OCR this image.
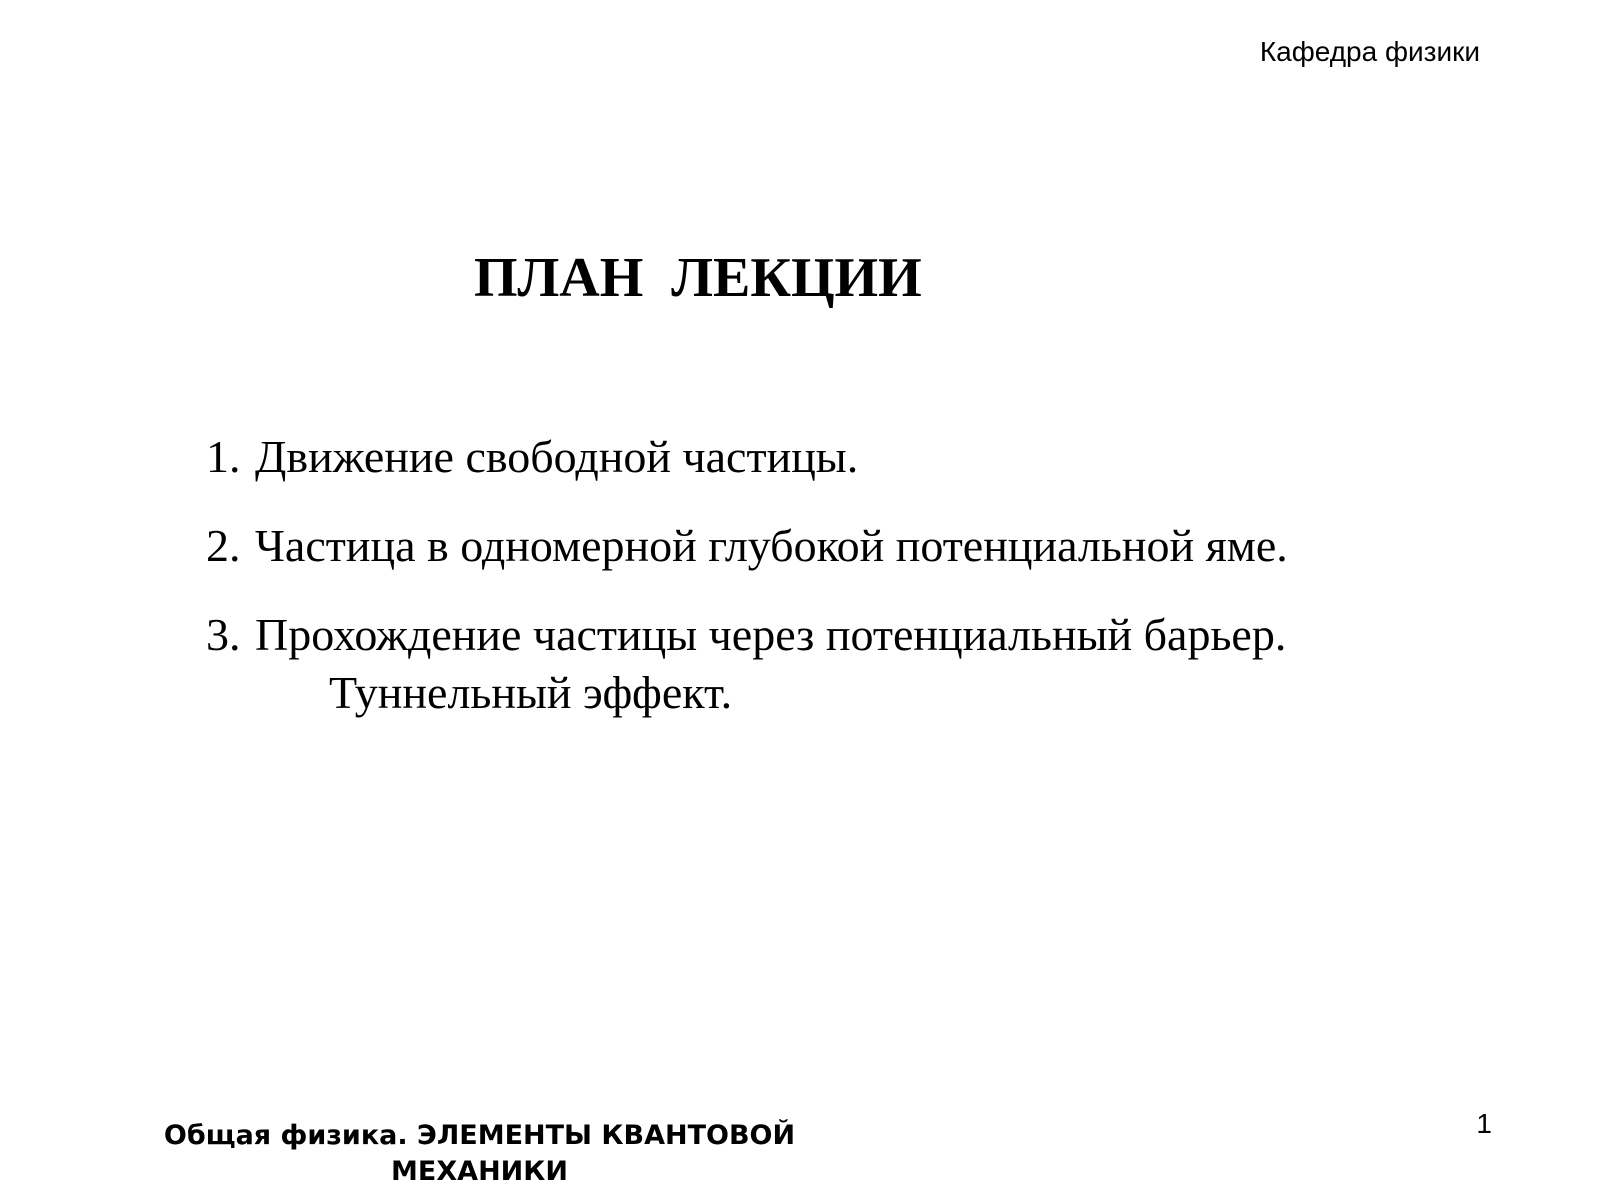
Кафедра физики
ПЛАН  ЛЕКЦИИ
1. Движение свободной частицы.
2. Частица в одномерной глубокой потенциальной яме.
3. Прохождение частицы через потенциальный барьер.
Туннельный эффект.
Общая физика. ЭЛЕМЕНТЫ КВАНТОВОЙ
МЕХАНИКИ
1
